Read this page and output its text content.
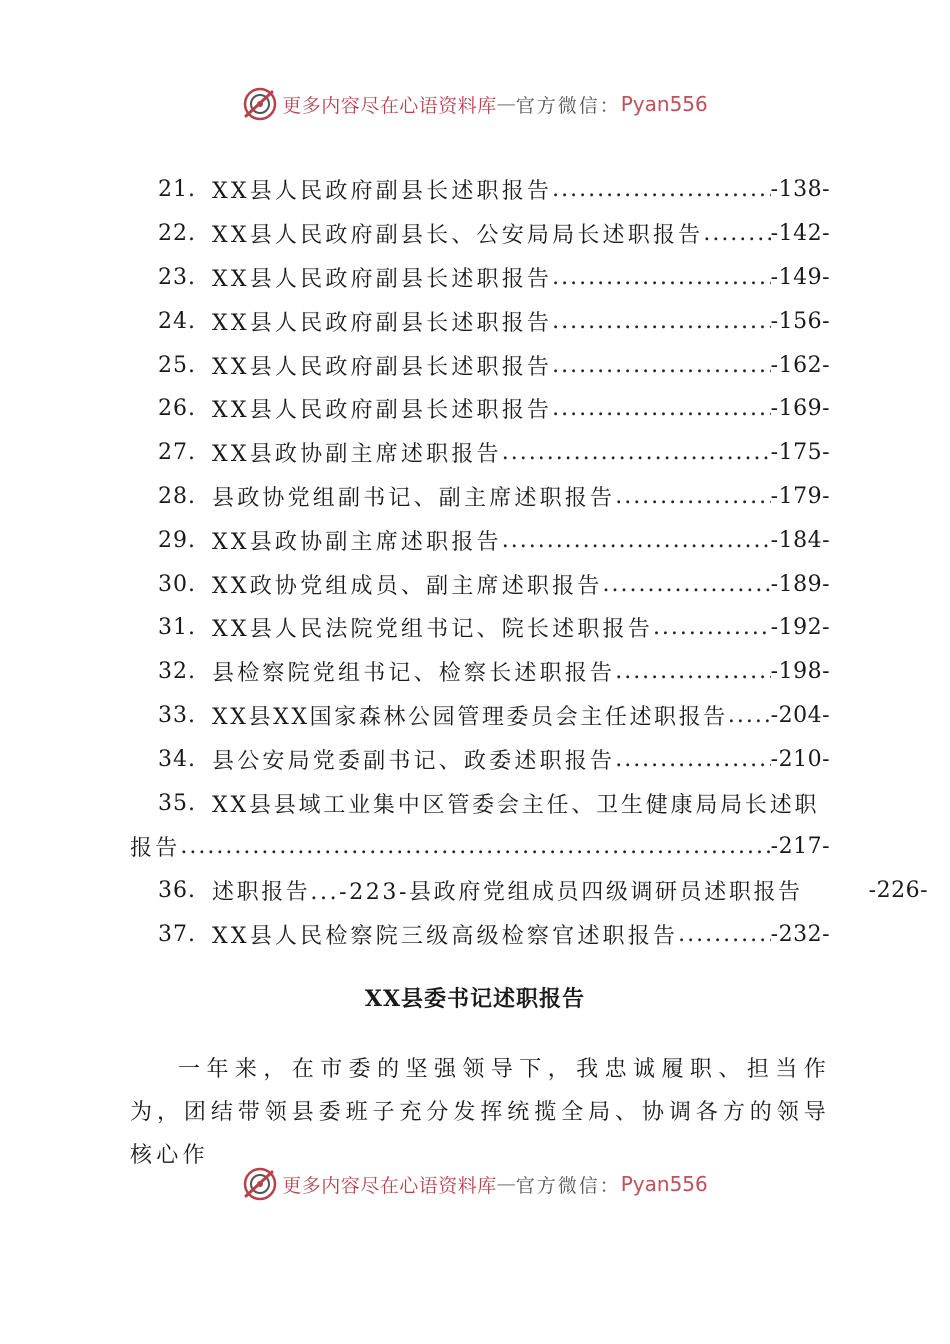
更多内容尽在心语资料库 — 官方微信： Pyan556
21. XX县人民政府副县长述职报告 .....	-138-
22. XX县人民政府副县长、公安局局长述职报告 .....	-142-
23. XX县人民政府副县长述职报告 .....	-149-
24. XX县人民政府副县长述职报告 .....	-156-
25. XX县人民政府副县长述职报告 .....	-162-
26. XX县人民政府副县长述职报告 .....	-169-
27. XX县政协副主席述职报告 .....	-175-
28. 县政协党组副书记、副主席述职报告 .....	-179-
29. XX县政协副主席述职报告 .....	-184-
30. XX政协党组成员、副主席述职报告 .....	-189-
31. XX县人民法院党组书记、院长述职报告 .....	-192-
32. 县检察院党组书记、检察长述职报告 .....	-198-
33. XX县XX国家森林公园管理委员会主任述职报告 ..... -204-
34. 县公安局党委副书记、政委述职报告 .....	-210-
35. XX县县域工业集中区管委会主任、卫生健康局局长述职
报告 .....	-217-
36. 述职报告...-223-县政府党组成员四级调研员述职报告	-226-
37. XX县人民检察院三级高级检察官述职报告 .....	-232-
XX县委书记述职报告
一年来，在市委的坚强领导下，我忠诚履职、担当作为，团结带领县委班子充分发挥统揽全局、协调各方的领导核心作
更多内容尽在心语资料库 — 官方微信： Pyan556
